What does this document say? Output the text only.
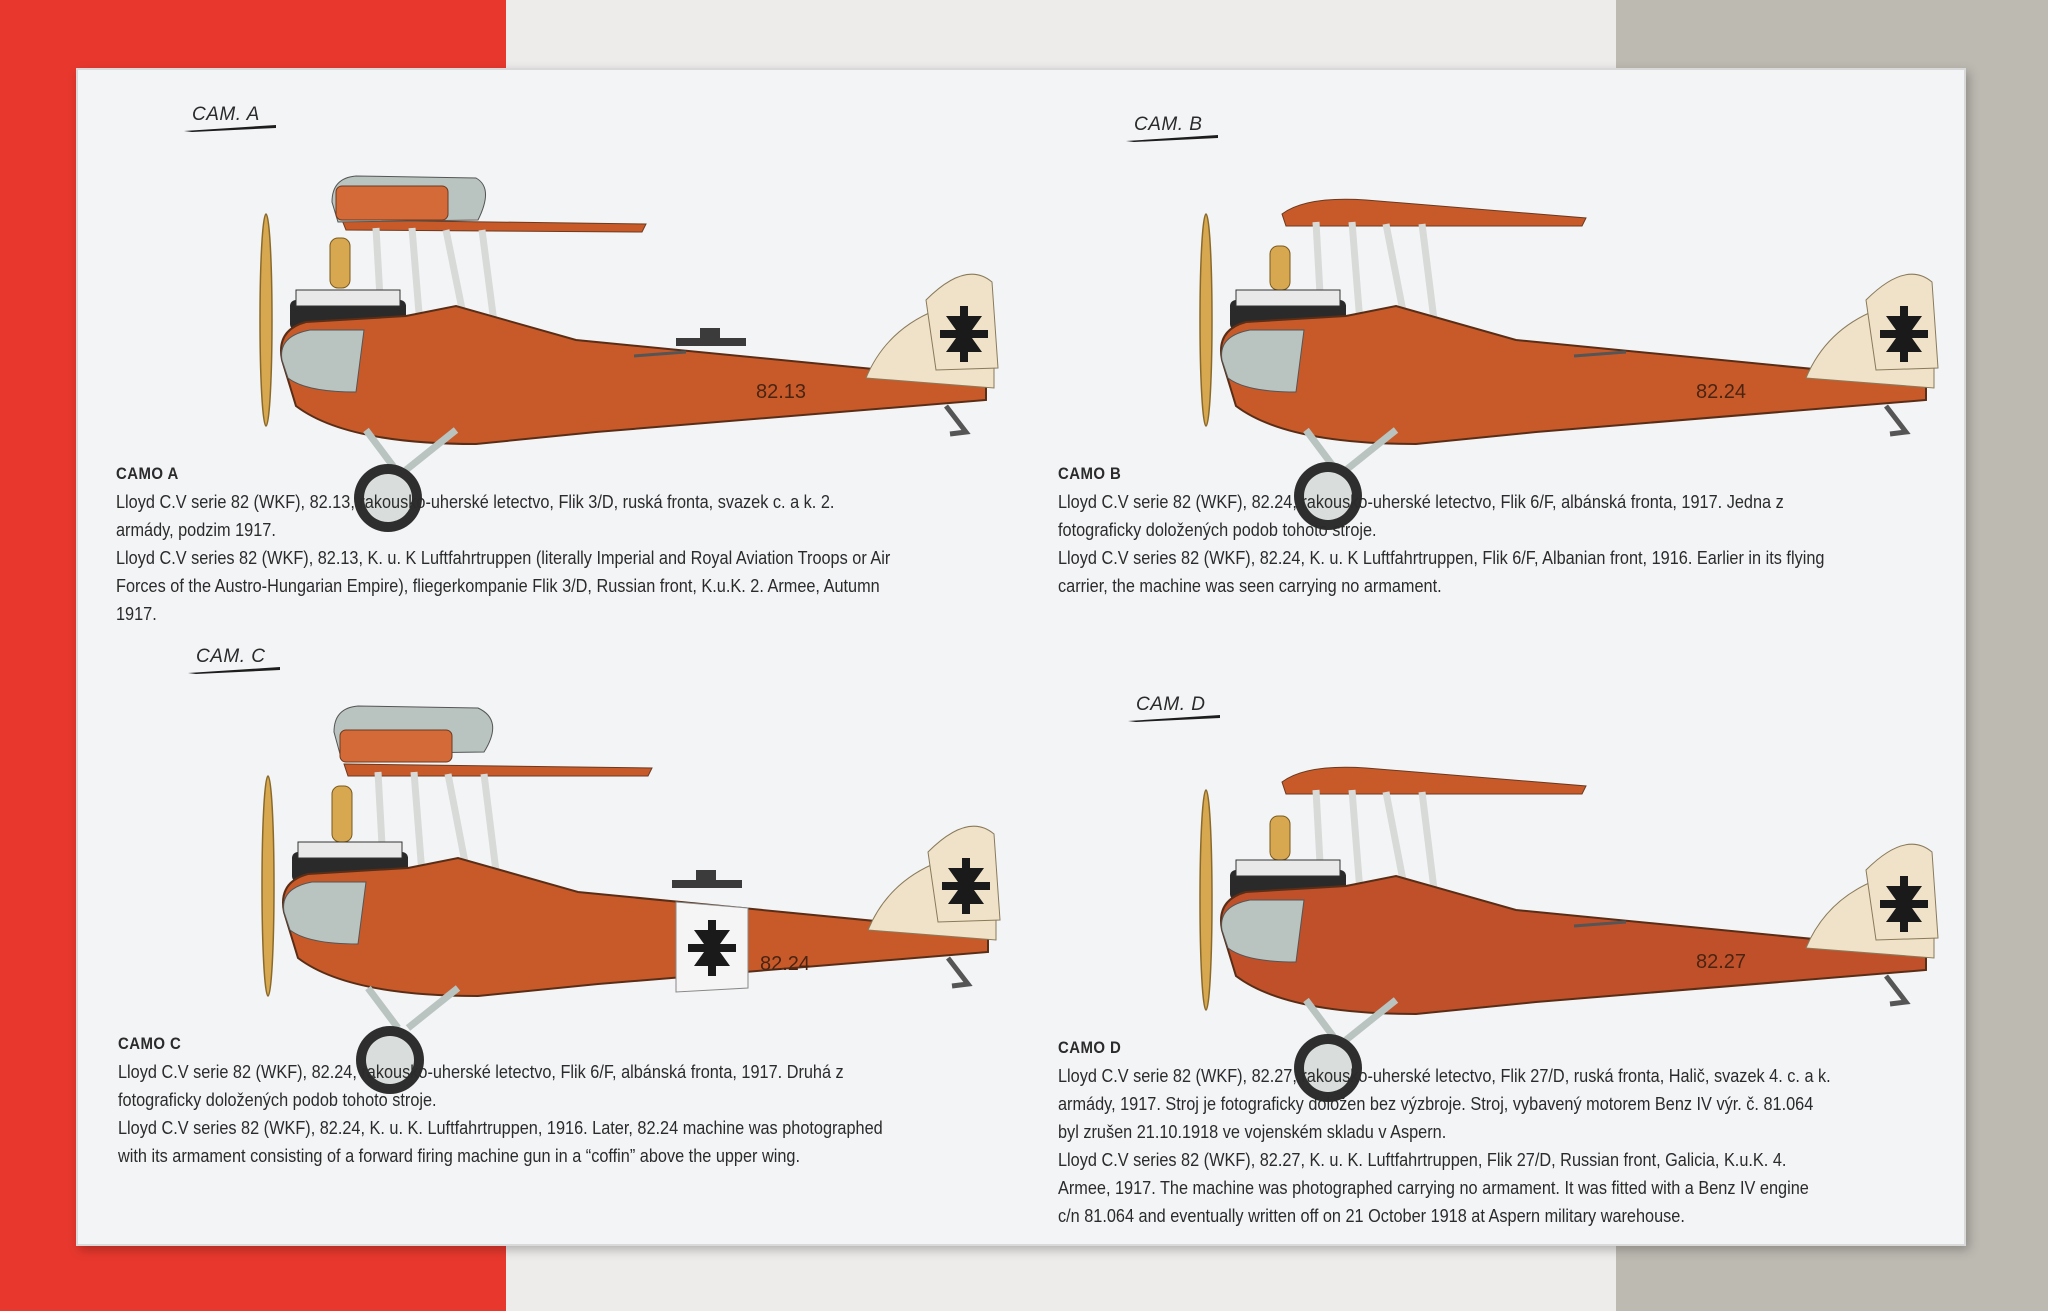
CAM. A
82.13

CAMO A

Lloyd C.V serie 82 (WKF), 82.13, rakousko-uherské letectvo, Flik 3/D, ruská fronta, svazek c. a k. 2. armády, podzim 1917.

Lloyd C.V series 82 (WKF), 82.13, K. u. K Luftfahrtruppen (literally Imperial and Royal Aviation Troops or Air Forces of the Austro-Hungarian Empire), fliegerkompanie Flik 3/D, Russian front, K.u.K. 2. Armee, Autumn 1917.

CAM. B
82.24

CAMO B

Lloyd C.V serie 82 (WKF), 82.24, rakousko-uherské letectvo, Flik 6/F, albánská fronta, 1917. Jedna z fotograficky doložených podob tohoto stroje.

Lloyd C.V series 82 (WKF), 82.24, K. u. K Luftfahrtruppen, Flik 6/F, Albanian front, 1916. Earlier in its flying carrier, the machine was seen carrying no armament.

CAM. C
82.24

CAMO C

Lloyd C.V serie 82 (WKF), 82.24, rakousko-uherské letectvo, Flik 6/F, albánská fronta, 1917. Druhá z fotograficky doložených podob tohoto stroje.

Lloyd C.V series 82 (WKF), 82.24, K. u. K. Luftfahrtruppen, 1916. Later, 82.24 machine was photographed with its armament consisting of a forward firing machine gun in a “coffin” above the upper wing.

CAM. D
82.27

CAMO D

Lloyd C.V serie 82 (WKF), 82.27, rakousko-uherské letectvo, Flik 27/D, ruská fronta, Halič, svazek 4. c. a k. armády, 1917. Stroj je fotograficky doložen bez výzbroje. Stroj, vybavený motorem Benz IV výr. č. 81.064 byl zrušen 21.10.1918 ve vojenském skladu v Aspern.

Lloyd C.V series 82 (WKF), 82.27, K. u. K. Luftfahrtruppen, Flik 27/D, Russian front, Galicia, K.u.K. 4. Armee, 1917. The machine was photographed carrying no armament. It was fitted with a Benz IV engine c/n 81.064 and eventually written off on 21 October 1918 at Aspern military warehouse.
